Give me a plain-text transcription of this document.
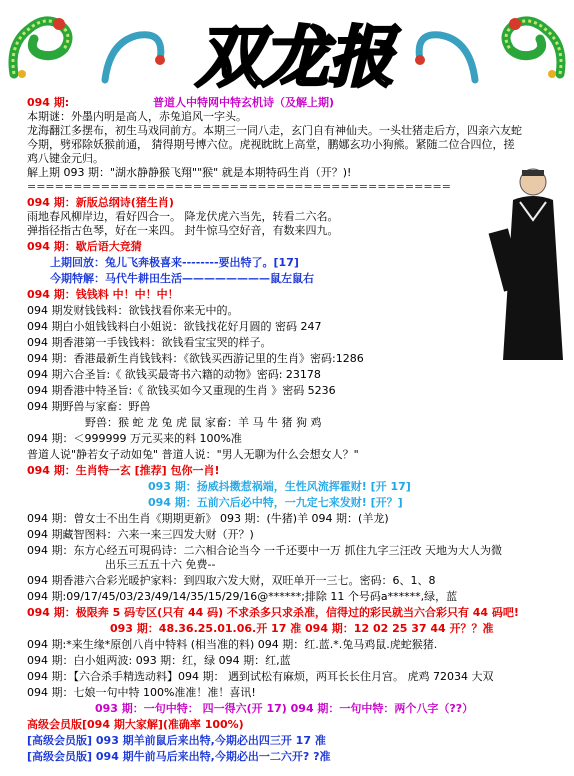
双龙报
094 期:	普道人中特网中特玄机诗（及解上期)
本期谜：外墨内明是高人，赤兔追风一字头。
龙海翻江多摆布，初生马戏同前方。本期三一同八走，玄门自有神仙夫。一头壮猪走后方，四亲六友蛇
今期，劈邪除妖猴前通， 猜得期号博六位。虎视眈眈上高堂，鹏娜玄功小狗熊。紧随二位合四位，搓
鸡八键金元归。
解上期 093 期："湖水静静猴飞翔""猴" 就是本期特码生肖（开？)!
==============================================
094 期：新版总纲诗(猪生肖)
雨地春风柳岸边，看好四合一。 降龙伏虎六当先，转看二六名。
弹指径指古色琴，好在一来四。 封牛惊马空好音，有数来四九。
094 期：歇后语大竞猜
上期回放：兔儿飞奔极喜来--------要出特了。[17]
今期特解：马代牛耕田生活————————鼠左鼠右
094 期：钱钱料 中！中！中！
094 期发财钱钱料：欲钱找看你来无中的。
094 期白小姐钱钱料白小姐说：欲钱找花好月圆的 密码 247
094 期香港第一手钱钱料：欲钱看宝宝哭的样子。
094 期：香港最新生肖钱钱料：《欲钱买西游记里的生肖》密码:1286
094 期六合圣旨:《 欲钱买最寄书六籍的动物》密码: 23178
094 期香港中特圣旨:《 欲钱买如今又重现的生肖 》密码 5236
094 期野兽与家畜：野兽
野兽：猴 蛇 龙 兔 虎 鼠 家畜：羊 马 牛 猪 狗 鸡
094 期：＜999999 万元买来的料 100%准
普道人说"静若女子动如兔" 普道人说："男人无聊为什么会想女人？"
094 期：生肖特一玄 [推荐] 包你一肖!
093 期：扬威抖擞惹祸端，生性风流挥霍财! [开 17]
094 期：五前六后必中特，一九定七来发财! [开？]
094 期：曾女士不出生肖《期期更新》 093 期：(牛猪)羊 094 期：(羊龙)
094 期藏智图料：六来一来三四发大财（开？)
094 期：东方心经五可現码诗：二六相合论当今 一千还要中一万 抓住九字三汪改 天地为大人为微
出乐三五五十六 免费--
094 期香港六合彩光暖护家料：到四取六发大财，双旺单开一三七。密码：6、1、8
094 期:09/17/45/03/23/49/14/35/15/29/16@******;排除 11 个号码a******,绿，蓝
094 期：极限奔 5 码专区(只有 44 码) 不求杀多只求杀准，信得过的彩民就当六合彩只有 44 码吧!
093 期：48.36.25.01.06.开 17 准 094 期：12 02 25 37 44 开？？准
094 期:*来生缘*原创八肖中特料 (相当准的料) 094 期：红.蓝.*.兔马鸡鼠.虎蛇猴猪.
094 期：白小姐两波: 093 期：红，绿 094 期：红,蓝
094 期：【六合杀手精选动料】094 期： 遇到试松有麻烦，两耳长长住月宫。 虎鸡 72034 大双
094 期：七娘一句中特 100%准准！准！喜讯!
093 期：一句中特： 四一得六(开 17) 094 期：一句中特：两个八字（??）
高级会员版[094 期大家解](准确率 100%)
[高级会员版] 093 期羊前鼠后来出特,今期必出四三开 17 准
[高级会员版] 094 期牛前马后来出特,今期必出一二六开? ?准
